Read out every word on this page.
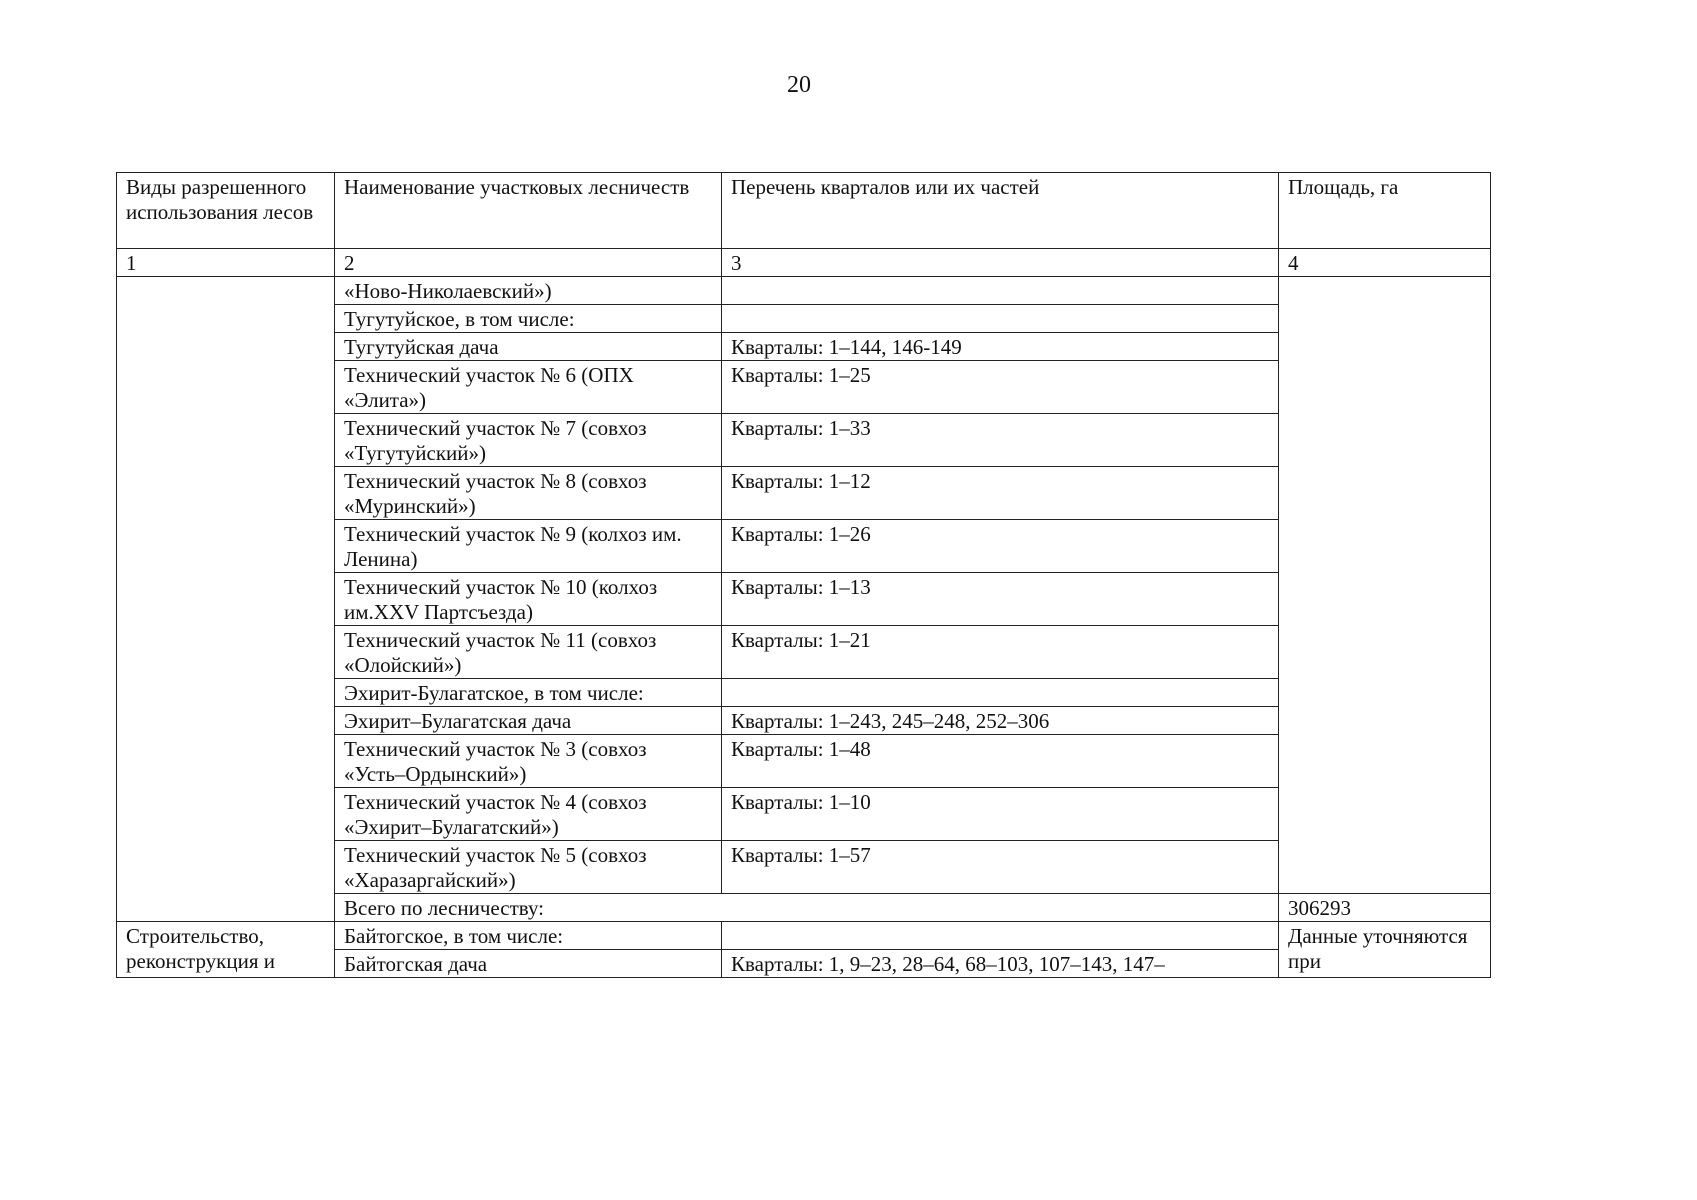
20
Виды разрешенного использования лесов	Наименование участковых лесничеств	Перечень кварталов или их частей	Площадь, га
1	2	3	4
	«Ново-Николаевский»)		
	Тугутуйское, в том числе:		
	Тугутуйская дача	Кварталы: 1–144, 146-149	
	Технический участок № 6 (ОПХ «Элита»)	Кварталы: 1–25	
	Технический участок № 7 (совхоз «Тугутуйский»)	Кварталы: 1–33	
	Технический участок № 8 (совхоз «Муринский»)	Кварталы: 1–12	
	Технический участок № 9 (колхоз им. Ленина)	Кварталы: 1–26	
	Технический участок № 10 (колхоз им.XXV Партсъезда)	Кварталы: 1–13	
	Технический участок № 11 (совхоз «Олойский»)	Кварталы: 1–21	
	Эхирит-Булагатское, в том числе:		
	Эхирит–Булагатская дача	Кварталы: 1–243, 245–248, 252–306	
	Технический участок № 3 (совхоз «Усть–Ордынский»)	Кварталы: 1–48	
	Технический участок № 4 (совхоз «Эхирит–Булагатский»)	Кварталы: 1–10	
	Технический участок № 5 (совхоз «Харазаргайский»)	Кварталы: 1–57	
	Всего по лесничеству:		306293
Строительство, реконструкция и	Байтогское, в том числе:		Данные уточняются при
	Байтогская дача	Кварталы: 1, 9–23, 28–64, 68–103, 107–143, 147–	
